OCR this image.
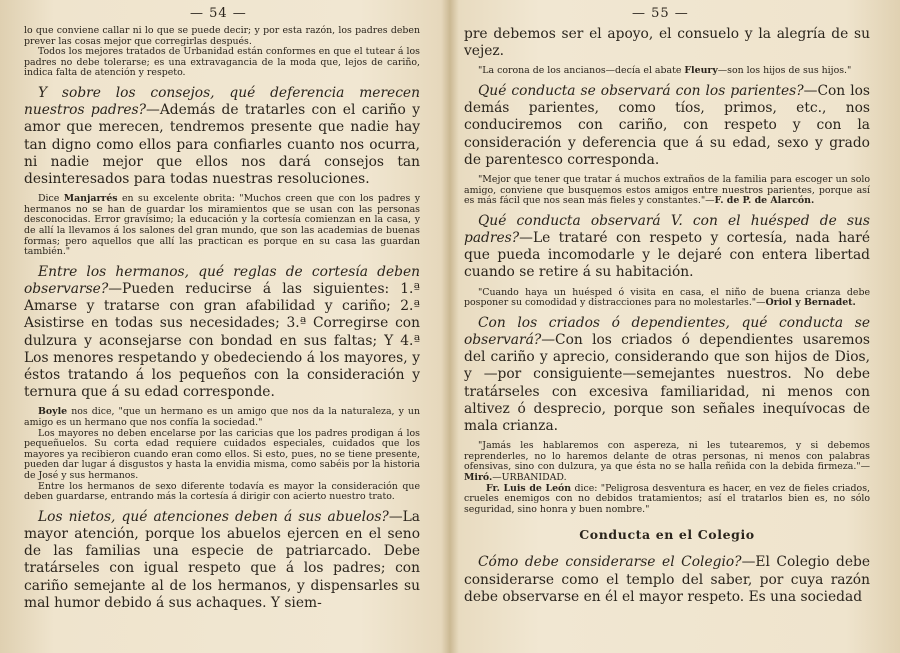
— 54 —

lo que conviene callar ni lo que se puede decir; y por esta razón, los padres deben prever las cosas mejor que corregirlas después.

Todos los mejores tratados de Urbanidad están conformes en que el tutear á los padres no debe tolerarse; es una extravagancia de la moda que, lejos de cariño, indica falta de atención y respeto.

Y sobre los consejos, qué deferencia merecen nuestros padres?—Además de tratarles con el cariño y amor que merecen, tendremos presente que nadie hay tan digno como ellos para confiarles cuanto nos ocurra, ni nadie mejor que ellos nos dará consejos tan desinteresados para todas nuestras resoluciones.

Dice Manjarrés en su excelente obrita: "Muchos creen que con los padres y hermanos no se han de guardar los miramientos que se usan con las personas desconocidas. Error gravísimo; la educación y la cortesía comienzan en la casa, y de allí la llevamos á los salones del gran mundo, que son las academias de buenas formas; pero aquellos que allí las practican es porque en su casa las guardan también."

Entre los hermanos, qué reglas de cortesía deben observarse?—Pueden reducirse á las siguientes: 1.ª Amarse y tratarse con gran afabilidad y cariño; 2.ª Asistirse en todas sus necesidades; 3.ª Corregirse con dulzura y aconsejarse con bondad en sus faltas; Y 4.ª Los menores respetando y obedeciendo á los mayores, y éstos tratando á los pequeños con la consideración y ternura que á su edad corresponde.

Boyle nos dice, "que un hermano es un amigo que nos da la naturaleza, y un amigo es un hermano que nos confía la sociedad."

Los mayores no deben encelarse por las caricias que los padres prodigan á los pequeñuelos. Su corta edad requiere cuidados especiales, cuidados que los mayores ya recibieron cuando eran como ellos. Si esto, pues, no se tiene presente, pueden dar lugar á disgustos y hasta la envidia misma, como sabéis por la historia de José y sus hermanos.

Entre los hermanos de sexo diferente todavía es mayor la consideración que deben guardarse, entrando más la cortesía á dirigir con acierto nuestro trato.

Los nietos, qué atenciones deben á sus abuelos?—La mayor atención, porque los abuelos ejercen en el seno de las familias una especie de patriarcado. Debe tratárseles con igual respeto que á los padres; con cariño semejante al de los hermanos, y dispensarles su mal humor debido á sus achaques. Y siem-

— 55 —

pre debemos ser el apoyo, el consuelo y la alegría de su vejez.

"La corona de los ancianos—decía el abate Fleury—son los hijos de sus hijos."

Qué conducta se observará con los parientes?—Con los demás parientes, como tíos, primos, etc., nos conduciremos con cariño, con respeto y con la consideración y deferencia que á su edad, sexo y grado de parentesco corresponda.

"Mejor que tener que tratar á muchos extraños de la familia para escoger un solo amigo, conviene que busquemos estos amigos entre nuestros parientes, porque así es más fácil que nos sean más fieles y constantes."—F. de P. de Alarcón.

Qué conducta observará V. con el huésped de sus padres?—Le trataré con respeto y cortesía, nada haré que pueda incomodarle y le dejaré con entera libertad cuando se retire á su habitación.

"Cuando haya un huésped ó visita en casa, el niño de buena crianza debe posponer su comodidad y distracciones para no molestarles."—Oriol y Bernadet.

Con los criados ó dependientes, qué conducta se observará?—Con los criados ó dependientes usaremos del cariño y aprecio, considerando que son hijos de Dios, y —por consiguiente—semejantes nuestros. No debe tratárseles con excesiva familiaridad, ni menos con altivez ó desprecio, porque son señales inequívocas de mala crianza.

"Jamás les hablaremos con aspereza, ni les tutearemos, y si debemos reprenderles, no lo haremos delante de otras personas, ni menos con palabras ofensivas, sino con dulzura, ya que ésta no se halla reñida con la debida firmeza."—Miró.—URBANIDAD.

Fr. Luis de León dice: "Peligrosa desventura es hacer, en vez de fieles criados, crueles enemigos con no debidos tratamientos; así el tratarlos bien es, no sólo seguridad, sino honra y buen nombre."

Conducta en el Colegio

Cómo debe considerarse el Colegio?—El Colegio debe considerarse como el templo del saber, por cuya razón debe observarse en él el mayor respeto. Es una sociedad
